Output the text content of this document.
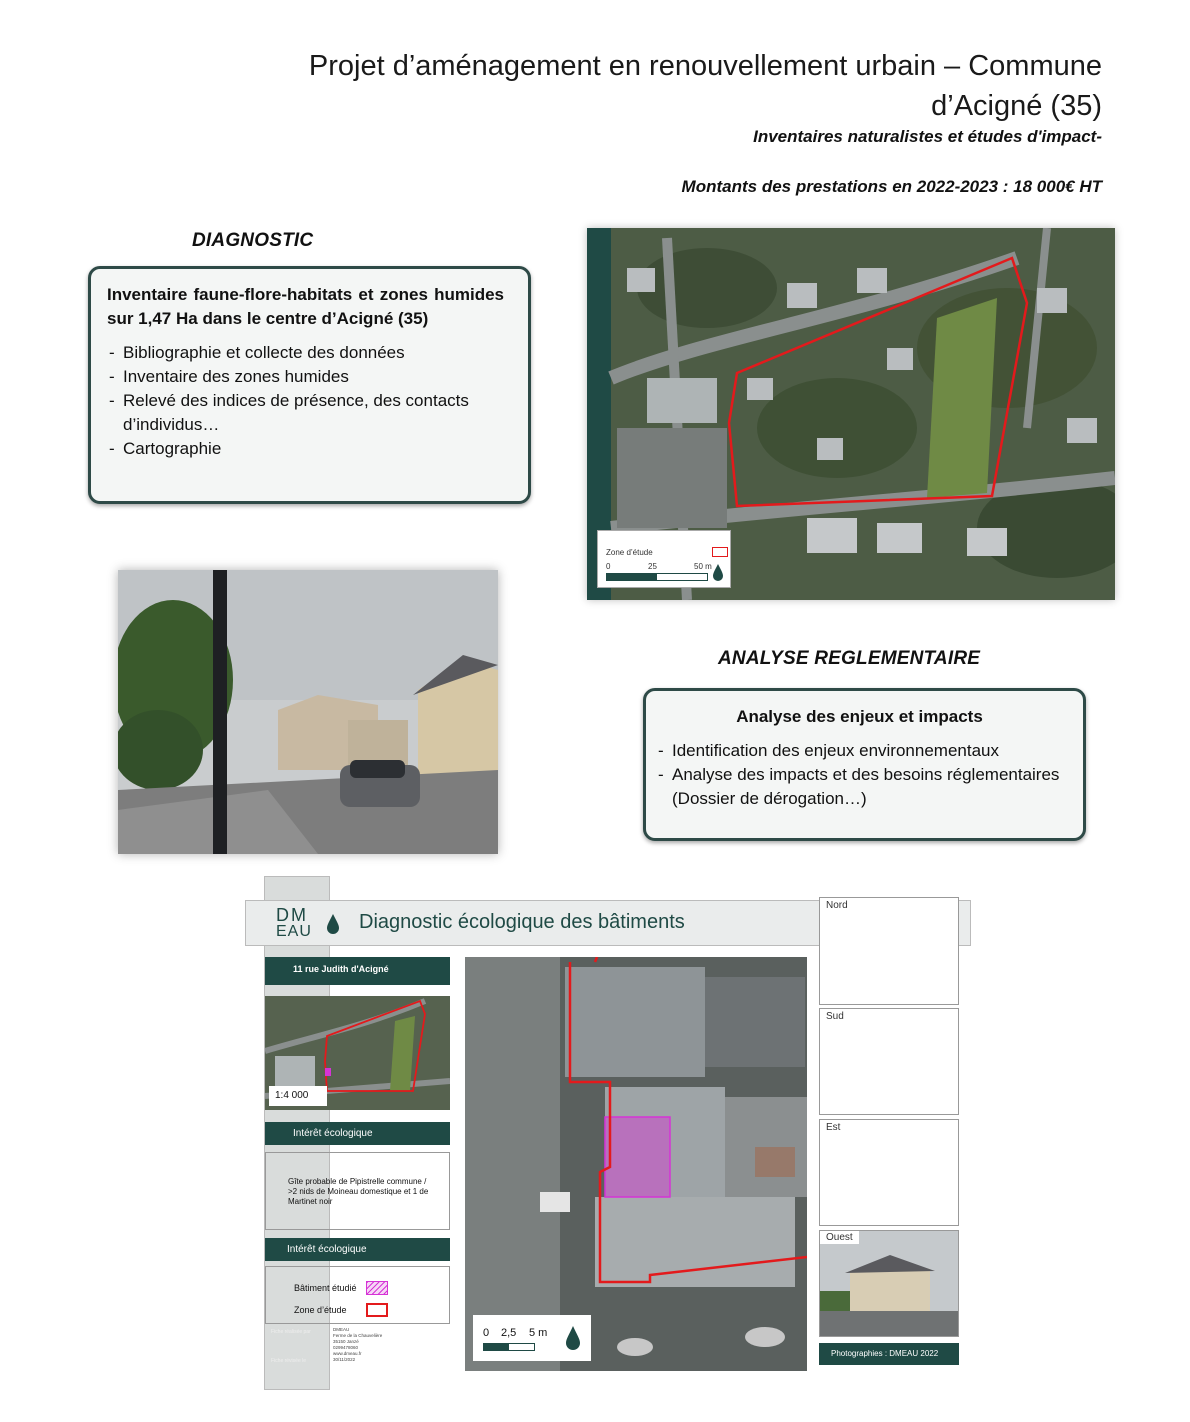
Projet d’aménagement en renouvellement urbain – Commune d’Acigné (35)
Inventaires naturalistes et études d'impact-
Montants des prestations en 2022-2023 : 18 000€ HT
DIAGNOSTIC
Inventaire faune-flore-habitats et zones humides sur 1,47 Ha dans le centre d’Acigné (35)
- Bibliographie et collecte des données
- Inventaire des zones humides
- Relevé des indices de présence, des contacts d’individus…
- Cartographie
Zone d’étude
0	25	50 m
ANALYSE REGLEMENTAIRE
Analyse des enjeux et impacts
- Identification des enjeux environnementaux
- Analyse des impacts et des besoins réglementaires (Dossier de dérogation…)
DM
EAU Diagnostic écologique des bâtiments
11 rue Judith d'Acigné
1:4 000
Intérêt écologique
Gîte probable de Pipistrelle commune / >2 nids de Moineau domestique et 1 de Martinet noir
Intérêt écologique
Bâtiment étudié
Zone d’étude
Fiche réalisée par
Fiche révisée le
DMEAU
Ferme de la Chauvelière
35150 Janzé
0299478060
www.dmeau.fr
30/11/2022
0 2,5 5 m
Nord
Sud
Est
Ouest
Photographies : DMEAU 2022
